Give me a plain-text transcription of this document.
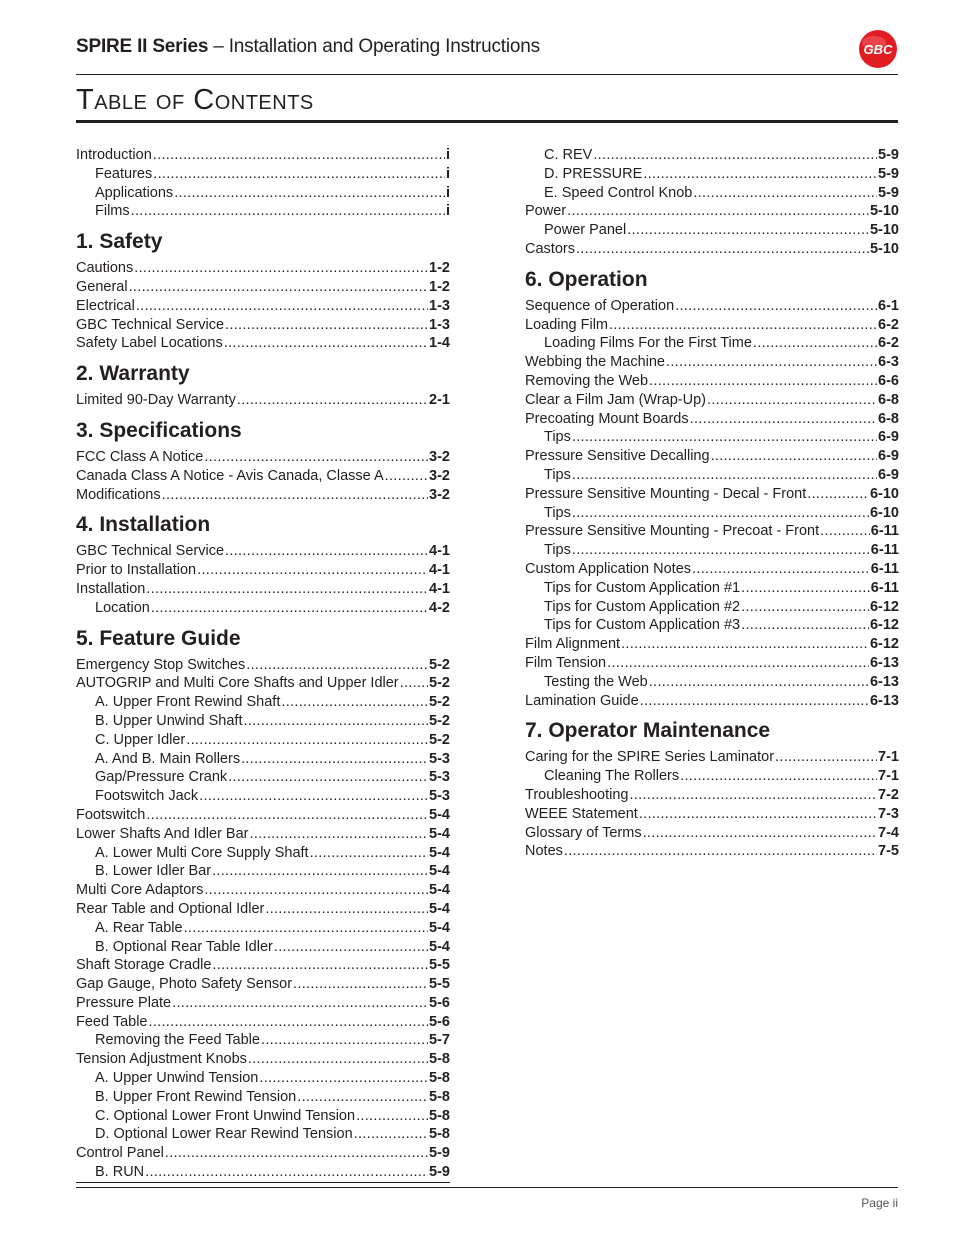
SPIRE II Series – Installation and Operating Instructions	GBC
Table of Contents
Introduction .....	i
Features .....	i
Applications .....	i
Films .....	i
1. Safety
Cautions .....	1-2
General .....	1-2
Electrical .....	1-3
GBC Technical Service .....	1-3
Safety Label Locations .....	1-4
2. Warranty
Limited 90-Day Warranty .....	2-1
3. Specifications
FCC Class A Notice .....	3-2
Canada Class A Notice - Avis Canada, Classe A .....	3-2
Modifications .....	3-2
4. Installation
GBC Technical Service .....	4-1
Prior to Installation .....	4-1
Installation .....	4-1
Location .....	4-2
5. Feature Guide
Emergency Stop Switches .....	5-2
AUTOGRIP and Multi Core Shafts and Upper Idler ..... 5-2
A. Upper Front Rewind Shaft .....	5-2
B. Upper Unwind Shaft .....	5-2
C. Upper Idler .....	5-2
A. And B. Main Rollers .....	5-3
Gap/Pressure Crank .....	5-3
Footswitch Jack .....	5-3
Footswitch .....	5-4
Lower Shafts And Idler Bar .....	5-4
A. Lower Multi Core Supply Shaft .....	5-4
B. Lower Idler Bar .....	5-4
Multi Core Adaptors .....	5-4
Rear Table and Optional Idler .....	5-4
A. Rear Table .....	5-4
B. Optional Rear Table Idler .....	5-4
Shaft Storage Cradle .....	5-5
Gap Gauge, Photo Safety Sensor .....	5-5
Pressure Plate .....	5-6
Feed Table .....	5-6
Removing the Feed Table .....	5-7
Tension Adjustment Knobs .....	5-8
A. Upper Unwind Tension .....	5-8
B. Upper Front Rewind Tension .....	5-8
C. Optional Lower Front Unwind Tension .....	5-8
D. Optional Lower Rear Rewind Tension .....	5-8
Control Panel .....	5-9
B. RUN .....	5-9
C. REV .....	5-9
D. PRESSURE .....	5-9
E. Speed Control Knob .....	5-9
Power .....	5-10
Power Panel .....	5-10
Castors .....	5-10
6. Operation
Sequence of Operation .....	6-1
Loading Film .....	6-2
Loading Films For the First Time .....	6-2
Webbing the Machine .....	6-3
Removing the Web .....	6-6
Clear a Film Jam (Wrap-Up) .....	6-8
Precoating Mount Boards .....	6-8
Tips .....	6-9
Pressure Sensitive Decalling .....	6-9
Tips .....	6-9
Pressure Sensitive Mounting - Decal - Front .....	6-10
Tips .....	6-10
Pressure Sensitive Mounting - Precoat - Front .....	6-11
Tips .....	6-11
Custom Application Notes .....	6-11
Tips for Custom Application #1 .....	6-11
Tips for Custom Application #2 .....	6-12
Tips for Custom Application #3 .....	6-12
Film Alignment .....	6-12
Film Tension .....	6-13
Testing the Web .....	6-13
Lamination Guide .....	6-13
7. Operator Maintenance
Caring for the SPIRE Series Laminator .....	7-1
Cleaning The Rollers .....	7-1
Troubleshooting .....	7-2
WEEE Statement .....	7-3
Glossary of Terms .....	7-4
Notes .....	7-5
Page ii
